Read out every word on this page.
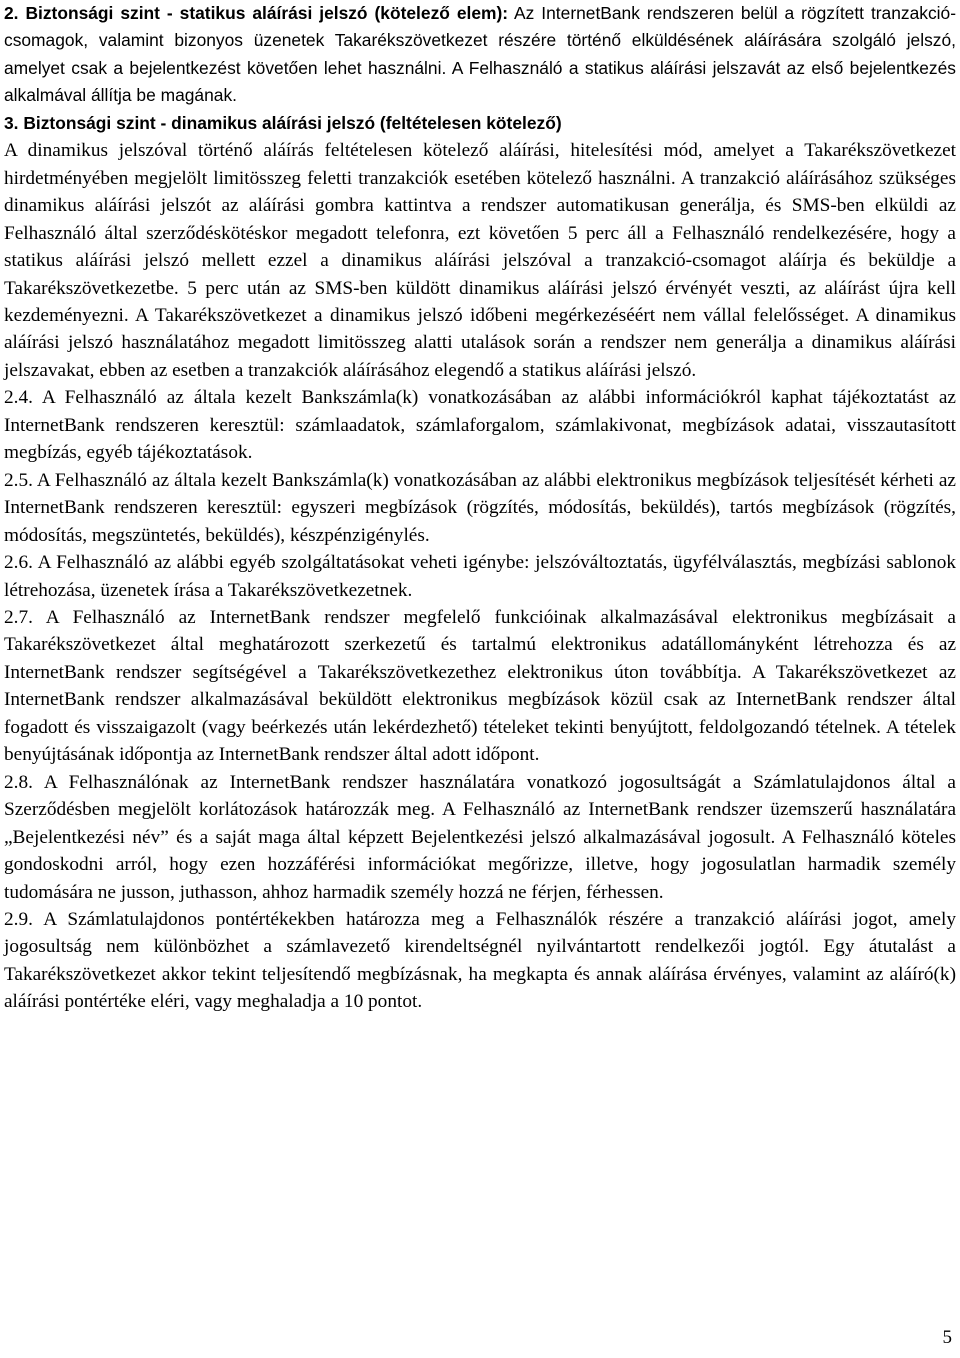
2. Biztonsági szint - statikus aláírási jelszó (kötelező elem): Az InternetBank rendszeren belül a rögzített tranzakció-csomagok, valamint bizonyos üzenetek Takarékszövetkezet részére történő elküldésének aláírására szolgáló jelszó, amelyet csak a bejelentkezést követően lehet használni. A Felhasználó a statikus aláírási jelszavát az első bejelentkezés alkalmával állítja be magának.

3. Biztonsági szint - dinamikus aláírási jelszó (feltételesen kötelező)

A dinamikus jelszóval történő aláírás feltételesen kötelező aláírási, hitelesítési mód, amelyet a Takarékszövetkezet hirdetményében megjelölt limitösszeg feletti tranzakciók esetében kötelező használni. A tranzakció aláírásához szükséges dinamikus aláírási jelszót az aláírási gombra kattintva a rendszer automatikusan generálja, és SMS-ben elküldi az Felhasználó által szerződéskötéskor megadott telefonra, ezt követően 5 perc áll a Felhasználó rendelkezésére, hogy a statikus aláírási jelszó mellett ezzel a dinamikus aláírási jelszóval a tranzakció-csomagot aláírja és beküldje a Takarékszövetkezetbe. 5 perc után az SMS-ben küldött dinamikus aláírási jelszó érvényét veszti, az aláírást újra kell kezdeményezni. A Takarékszövetkezet a dinamikus jelszó időbeni megérkezéséért nem vállal felelősséget. A dinamikus aláírási jelszó használatához megadott limitösszeg alatti utalások során a rendszer nem generálja a dinamikus aláírási jelszavakat, ebben az esetben a tranzakciók aláírásához elegendő a statikus aláírási jelszó.

2.4. A Felhasználó az általa kezelt Bankszámla(k) vonatkozásában az alábbi információkról kaphat tájékoztatást az InternetBank rendszeren keresztül: számlaadatok, számlaforgalom, számlakivonat, megbízások adatai, visszautasított megbízás, egyéb tájékoztatások.

2.5. A Felhasználó az általa kezelt Bankszámla(k) vonatkozásában az alábbi elektronikus megbízások teljesítését kérheti az InternetBank rendszeren keresztül: egyszeri megbízások (rögzítés, módosítás, beküldés), tartós megbízások (rögzítés, módosítás, megszüntetés, beküldés), készpénzigénylés.

2.6. A Felhasználó az alábbi egyéb szolgáltatásokat veheti igénybe: jelszóváltoztatás, ügyfélválasztás, megbízási sablonok létrehozása, üzenetek írása a Takarékszövetkezetnek.

2.7. A Felhasználó az InternetBank rendszer megfelelő funkcióinak alkalmazásával elektronikus megbízásait a Takarékszövetkezet által meghatározott szerkezetű és tartalmú elektronikus adatállományként létrehozza és az InternetBank rendszer segítségével a Takarékszövetkezethez elektronikus úton továbbítja. A Takarékszövetkezet az InternetBank rendszer alkalmazásával beküldött elektronikus megbízások közül csak az InternetBank rendszer által fogadott és visszaigazolt (vagy beérkezés után lekérdezhető) tételeket tekinti benyújtott, feldolgozandó tételnek. A tételek benyújtásának időpontja az InternetBank rendszer által adott időpont.

2.8. A Felhasználónak az InternetBank rendszer használatára vonatkozó jogosultságát a Számlatulajdonos által a Szerződésben megjelölt korlátozások határozzák meg. A Felhasználó az InternetBank rendszer üzemszerű használatára „Bejelentkezési név” és a saját maga által képzett Bejelentkezési jelszó alkalmazásával jogosult. A Felhasználó köteles gondoskodni arról, hogy ezen hozzáférési információkat megőrizze, illetve, hogy jogosulatlan harmadik személy tudomására ne jusson, juthasson, ahhoz harmadik személy hozzá ne férjen, férhessen.

2.9. A Számlatulajdonos pontértékekben határozza meg a Felhasználók részére a tranzakció aláírási jogot, amely jogosultság nem különbözhet a számlavezető kirendeltségnél nyilvántartott rendelkezői jogtól. Egy átutalást a Takarékszövetkezet akkor tekint teljesítendő megbízásnak, ha megkapta és annak aláírása érvényes, valamint az aláíró(k) aláírási pontértéke eléri, vagy meghaladja a 10 pontot.

5
